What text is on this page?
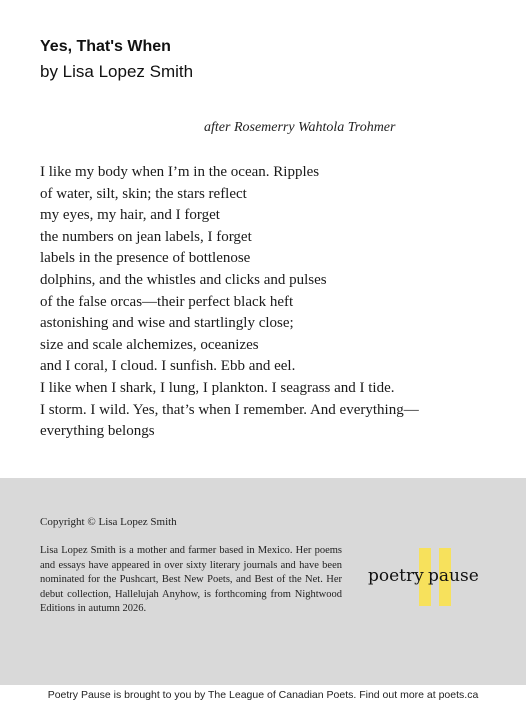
Yes, That's When
by Lisa Lopez Smith
after Rosemerry Wahtola Trohmer
I like my body when I’m in the ocean. Ripples
of water, silt, skin; the stars reflect
my eyes, my hair, and I forget
the numbers on jean labels, I forget
labels in the presence of bottlenose
dolphins, and the whistles and clicks and pulses
of the false orcas—their perfect black heft
astonishing and wise and startlingly close;
size and scale alchemizes, oceanizes
and I coral, I cloud. I sunfish. Ebb and eel.
I like when I shark, I lung, I plankton. I seagrass and I tide.
I storm. I wild. Yes, that’s when I remember. And everything—
everything belongs
Copyright © Lisa Lopez Smith
Lisa Lopez Smith is a mother and farmer based in Mexico. Her poems and essays have appeared in over sixty literary journals and have been nominated for the Pushcart, Best New Poets, and Best of the Net. Her debut collection, Hallelujah Anyhow, is forthcoming from Nightwood Editions in autumn 2026.
poetry pause
Poetry Pause is brought to you by The League of Canadian Poets. Find out more at poets.ca
